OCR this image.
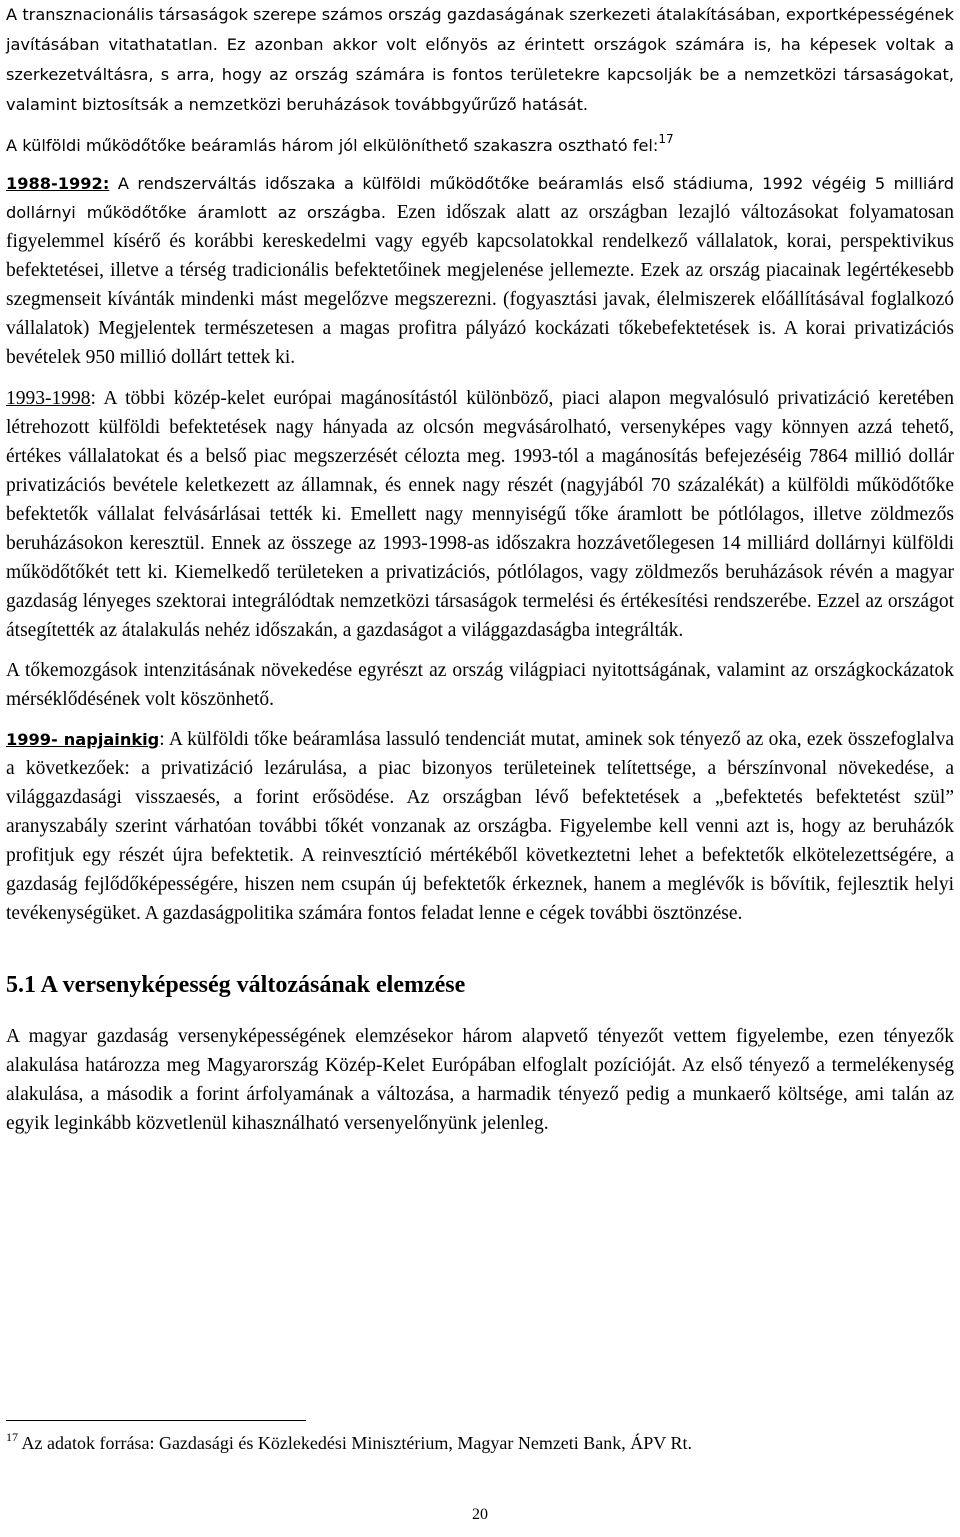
A transznacionális társaságok szerepe számos ország gazdaságának szerkezeti átalakításában, exportképességének javításában vitathatatlan. Ez azonban akkor volt előnyös az érintett országok számára is, ha képesek voltak a szerkezetváltásra, s arra, hogy az ország számára is fontos területekre kapcsolják be a nemzetközi társaságokat, valamint biztosítsák a nemzetközi beruházások továbbgyűrűző hatását.

A külföldi működőtőke beáramlás három jól elkülöníthető szakaszra osztható fel:$^{17}$

1988-1992: A rendszerváltás időszaka a külföldi működőtőke beáramlás első stádiuma, 1992 végéig 5 milliárd dollárnyi működőtőke áramlott az országba. Ezen időszak alatt az országban lezajló változásokat folyamatosan figyelemmel kísérő és korábbi kereskedelmi vagy egyéb kapcsolatokkal rendelkező vállalatok, korai, perspektivikus befektetései, illetve a térség tradicionális befektetőinek megjelenése jellemezte. Ezek az ország piacainak legértékesebb szegmenseit kívánták mindenki mást megelőzve megszerezni. (fogyasztási javak, élelmiszerek előállításával foglalkozó vállalatok) Megjelentek természetesen a magas profitra pályázó kockázati tőkebefektetések is. A korai privatizációs bevételek 950 millió dollárt tettek ki.

1993-1998: A többi közép-kelet európai magánosítástól különböző, piaci alapon megvalósuló privatizáció keretében létrehozott külföldi befektetések nagy hányada az olcsón megvásárolható, versenyképes vagy könnyen azzá tehető, értékes vállalatokat és a belső piac megszerzését célozta meg. 1993-tól a magánosítás befejezéséig 7864 millió dollár privatizációs bevétele keletkezett az államnak, és ennek nagy részét (nagyjából 70 százalékát) a külföldi működőtőke befektetők vállalat felvásárlásai tették ki. Emellett nagy mennyiségű tőke áramlott be pótlólagos, illetve zöldmezős beruházásokon keresztül. Ennek az összege az 1993-1998-as időszakra hozzávetőlegesen 14 milliárd dollárnyi külföldi működőtőkét tett ki. Kiemelkedő területeken a privatizációs, pótlólagos, vagy zöldmezős beruházások révén a magyar gazdaság lényeges szektorai integrálódtak nemzetközi társaságok termelési és értékesítési rendszerébe. Ezzel az országot átsegítették az átalakulás nehéz időszakán, a gazdaságot a világgazdaságba integrálták.

A tőkemozgások intenzitásának növekedése egyrészt az ország világpiaci nyitottságának, valamint az országkockázatok mérséklődésének volt köszönhető.

1999- napjainkig: A külföldi tőke beáramlása lassuló tendenciát mutat, aminek sok tényező az oka, ezek összefoglalva a következőek: a privatizáció lezárulása, a piac bizonyos területeinek telítettsége, a bérszínvonal növekedése, a világgazdasági visszaesés, a forint erősödése. Az országban lévő befektetések a „befektetés befektetést szül” aranyszabály szerint várhatóan további tőkét vonzanak az országba. Figyelembe kell venni azt is, hogy az beruházók profitjuk egy részét újra befektetik. A reinvesztíció mértékéből következtetni lehet a befektetők elkötelezettségére, a gazdaság fejlődőképességére, hiszen nem csupán új befektetők érkeznek, hanem a meglévők is bővítik, fejlesztik helyi tevékenységüket. A gazdaságpolitika számára fontos feladat lenne e cégek további ösztönzése.

5.1 A versenyképesség változásának elemzése

A magyar gazdaság versenyképességének elemzésekor három alapvető tényezőt vettem figyelembe, ezen tényezők alakulása határozza meg Magyarország Közép-Kelet Európában elfoglalt pozícióját. Az első tényező a termelékenység alakulása, a második a forint árfolyamának a változása, a harmadik tényező pedig a munkaerő költsége, ami talán az egyik leginkább közvetlenül kihasználható versenyelőnyünk jelenleg.

$^{17}$ Az adatok forrása: Gazdasági és Közlekedési Minisztérium, Magyar Nemzeti Bank, ÁPV Rt.
20
